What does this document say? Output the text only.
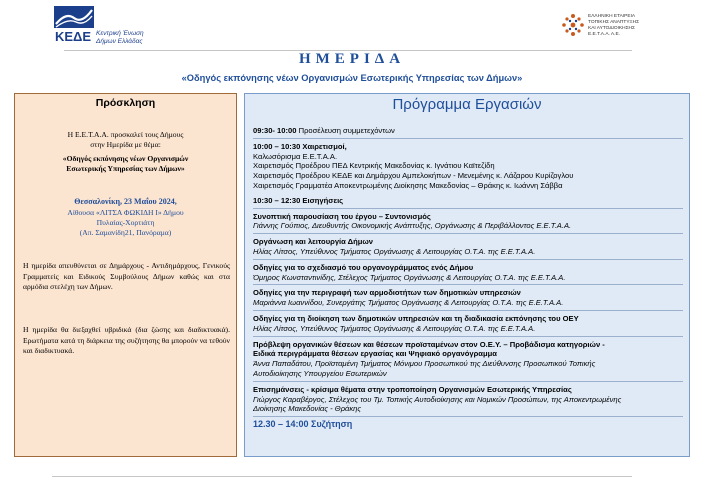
ΚΕΔΕ Κεντρική Ένωση
Δήμων Ελλάδας
ΕΛΛΗΝΙΚΗ ΕΤΑΙΡΕΙΑ
ΤΟΠΙΚΗΣ ΑΝΑΠΤΥΞΗΣ
ΚΑΙ ΑΥΤΟΔΙΟΙΚΗΣΗΣ
Ε.Ε.Τ.Α.Α. Α.Ε.
ΗΜΕΡΙΔΑ
«Οδηγός εκπόνησης νέων Οργανισμών Εσωτερικής Υπηρεσίας των Δήμων»
Πρόσκληση
Η Ε.Ε.Τ.Α.Α. προσκαλεί τους Δήμους
στην Ημερίδα με θέμα:
«Οδηγός εκπόνησης νέων Οργανισμών
Εσωτερικής Υπηρεσίας των Δήμων»
Θεσσαλονίκη, 23 Μαΐου 2024,
Αίθουσα «ΛΙΤΣΑ ΦΩΚΙΔΗ Ι» Δήμου
Πυλαίας-Χορτιάτη
(Απ. Σαμανίδη21, Πανόραμα)
Η ημερίδα απευθύνεται σε Δημάρχους - Αντιδημάρχους, Γενικούς Γραμματείς και Ειδικούς Συμβούλους Δήμων καθώς και στα αρμόδια στελέχη των Δήμων.
Η ημερίδα θα διεξαχθεί υβριδικά (δια ζώσης και διαδικτυακά). Ερωτήματα κατά τη διάρκεια της συζήτησης θα μπορούν να τεθούν και διαδικτυακά.
Πρόγραμμα Εργασιών
09:30- 10:00 Προσέλευση συμμετεχόντων
10:00 – 10:30 Χαιρετισμοί,
Καλωσόρισμα Ε.Ε.Τ.Α.Α.
Χαιρετισμός Προέδρου ΠΕΔ Κεντρικής Μακεδονίας κ. Ιγνάτιου Καϊτεζίδη
Χαιρετισμός Προέδρου ΚΕΔΕ και Δημάρχου Αμπελοκήπων - Μενεμένης κ. Λάζαρου Κυρίζογλου
Χαιρετισμός Γραμματέα Αποκεντρωμένης Διοίκησης Μακεδονίας – Θράκης κ. Ιωάννη Σάββα
10:30 – 12:30 Εισηγήσεις
Συνοπτική παρουσίαση του έργου – Συντονισμός
Γιάννης Γούπιος, Διευθυντής Οικονομικής Ανάπτυξης, Οργάνωσης & Περιβάλλοντος Ε.Ε.Τ.Α.Α.
Οργάνωση και λειτουργία Δήμων
Ηλίας Λίτσος, Υπεύθυνος Τμήματος Οργάνωσης & Λειτουργίας Ο.Τ.Α. της Ε.Ε.Τ.Α.Α.
Οδηγίες για το σχεδιασμό του οργανογράμματος ενός Δήμου
Όμηρος Κωνσταντινίδης, Στέλεχος Τμήματος Οργάνωσης & Λειτουργίας Ο.Τ.Α. της Ε.Ε.Τ.Α.Α.
Οδηγίες για την περιγραφή των αρμοδιοτήτων των δημοτικών υπηρεσιών
Μαριάννα Ιωαννίδου, Συνεργάτης Τμήματος Οργάνωσης & Λειτουργίας Ο.Τ.Α. της Ε.Ε.Τ.Α.Α.
Οδηγίες για τη διοίκηση των δημοτικών υπηρεσιών και τη διαδικασία εκπόνησης του ΟΕΥ
Ηλίας Λίτσος, Υπεύθυνος Τμήματος Οργάνωσης & Λειτουργίας Ο.Τ.Α. της Ε.Ε.Τ.Α.Α.
Πρόβλεψη οργανικών θέσεων και θέσεων προϊσταμένων στον Ο.Ε.Υ. – Προβάδισμα κατηγοριών -
Ειδικά περιγράμματα θέσεων εργασίας και Ψηφιακό οργανόγραμμα
Άννα Παπαδάτου, Προϊσταμένη Τμήματος Μόνιμου Προσωπικού της Διεύθυνσης Προσωπικού Τοπικής
Αυτοδιοίκησης Υπουργείου Εσωτερικών
Επισημάνσεις - κρίσιμα θέματα στην τροποποίηση Οργανισμών Εσωτερικής Υπηρεσίας
Γιώργος Καραβέργος, Στέλεχος του Τμ. Τοπικής Αυτοδιοίκησης και Νομικών Προσώπων, της Αποκεντρωμένης
Διοίκησης Μακεδονίας - Θράκης
12.30 – 14:00 Συζήτηση
